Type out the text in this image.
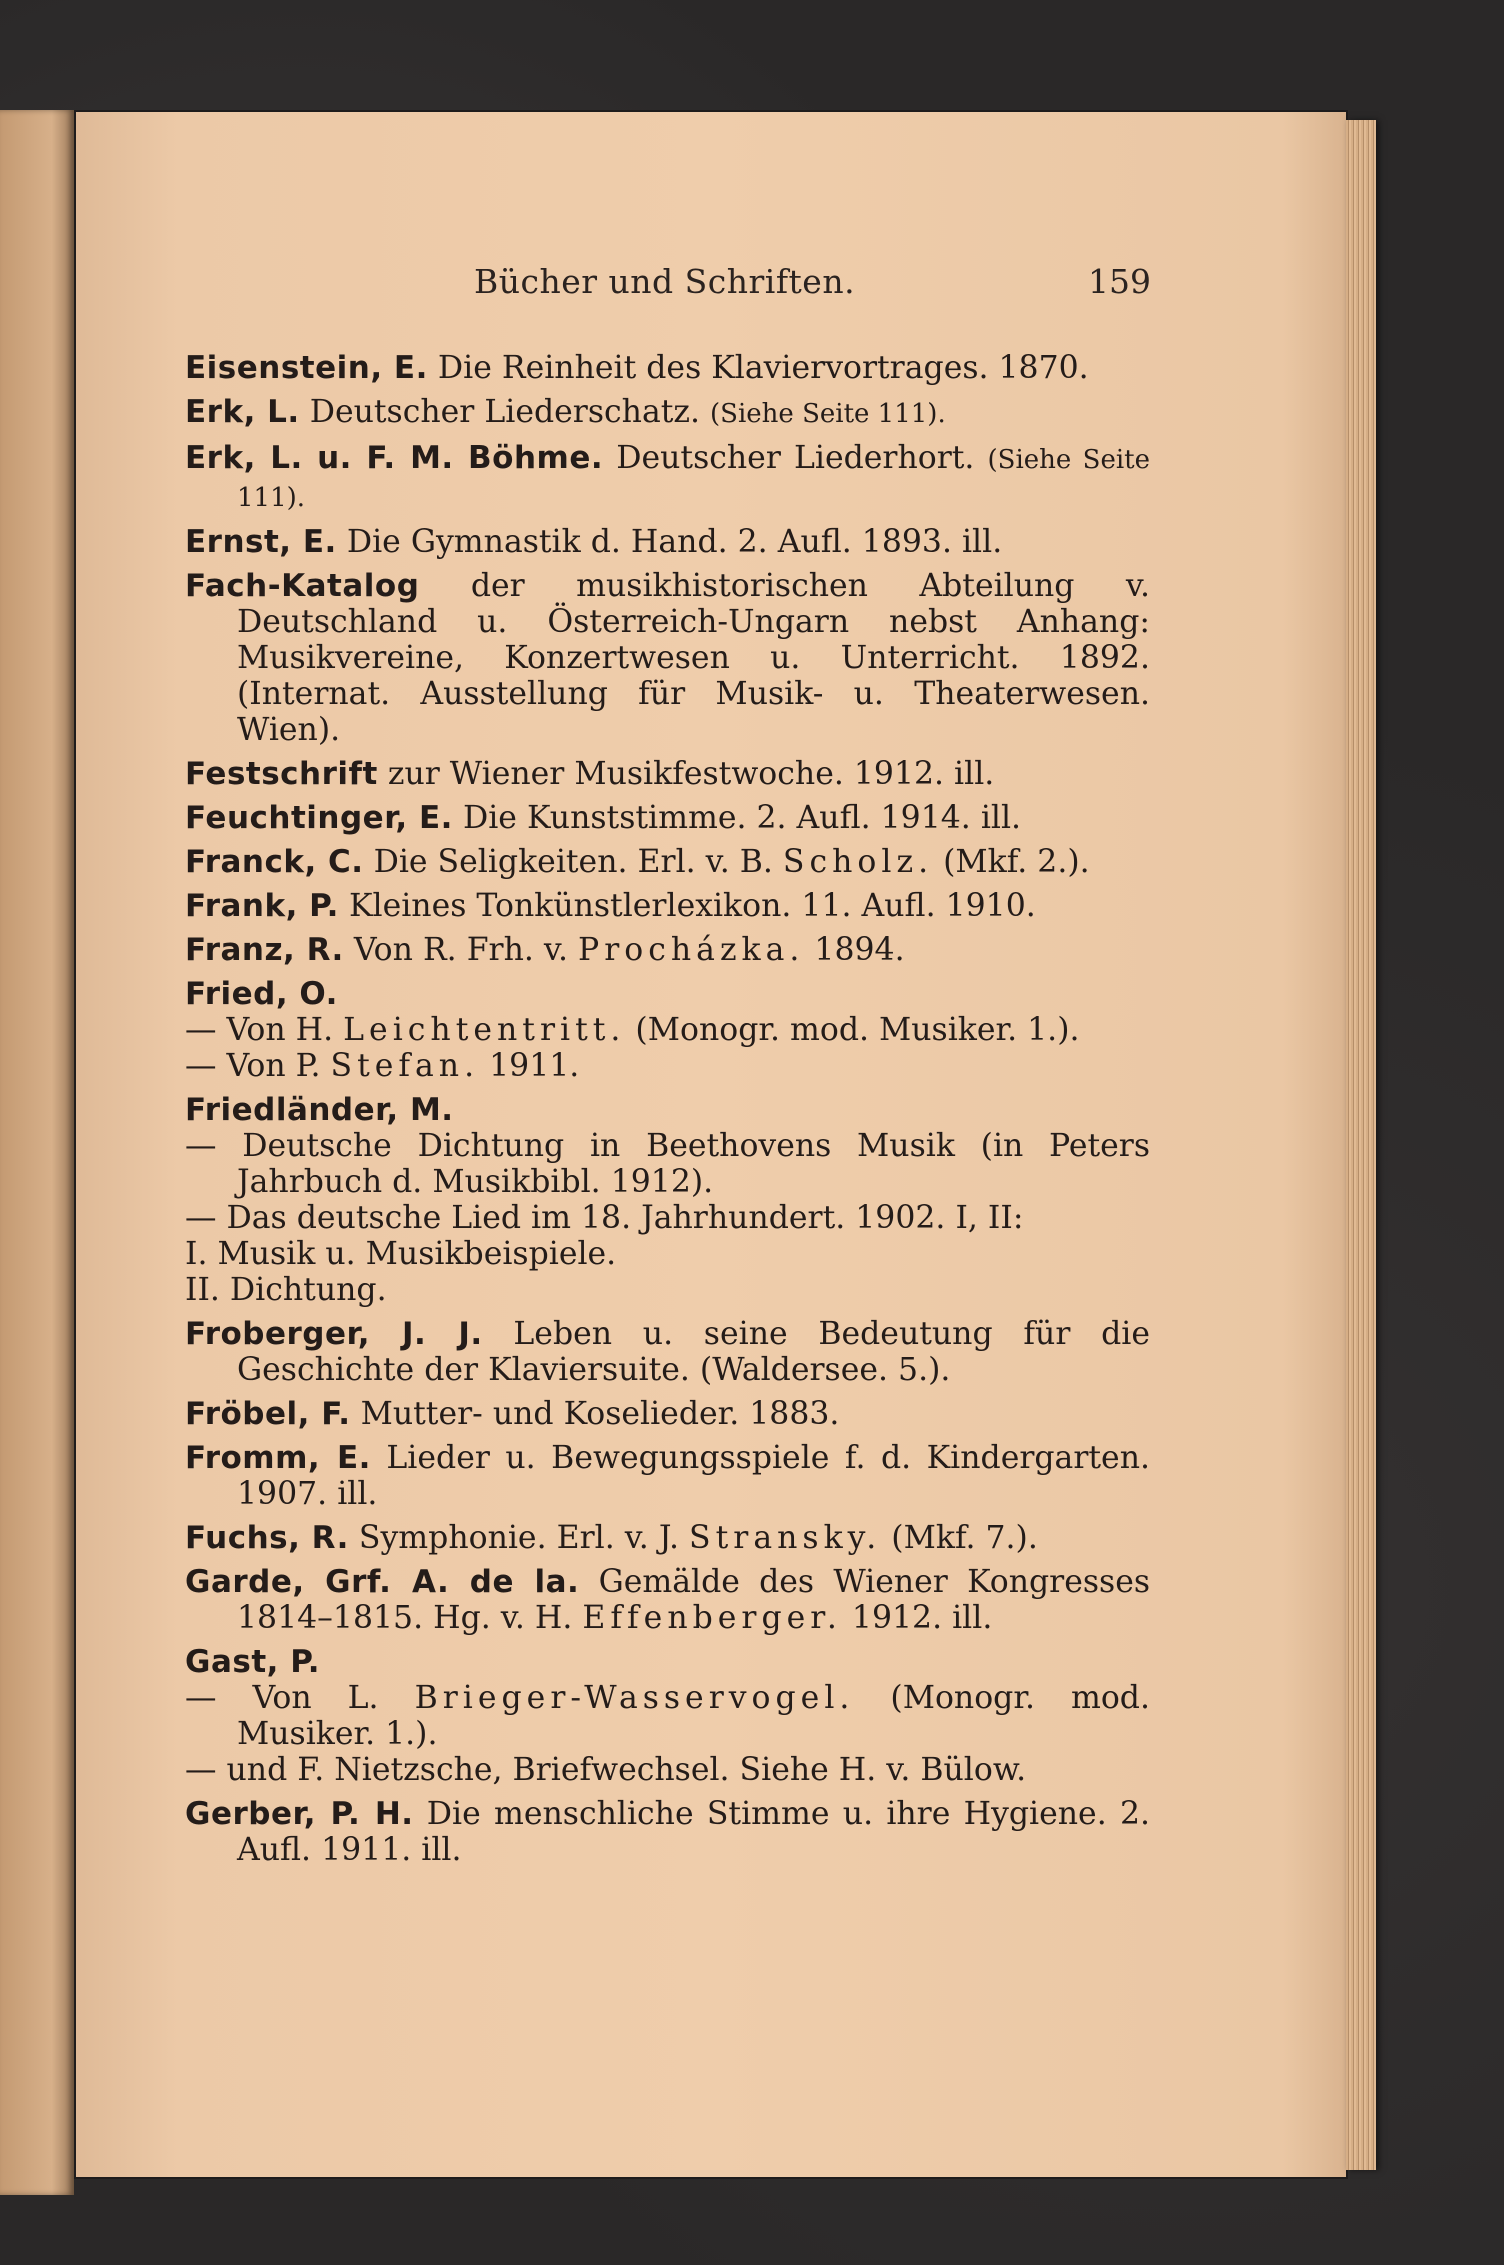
Bücher und Schriften.	159

Eisenstein, E. Die Reinheit des Klaviervortrages. 1870.

Erk, L. Deutscher Liederschatz. (Siehe Seite 111).

Erk, L. u. F. M. Böhme. Deutscher Liederhort. (Siehe Seite 111).

Ernst, E. Die Gymnastik d. Hand. 2. Aufl. 1893. ill.

Fach-Katalog der musikhistorischen Abteilung v. Deutschland u. Österreich-Ungarn nebst Anhang: Musikvereine, Konzertwesen u. Unterricht. 1892. (Internat. Ausstellung für Musik- u. Theaterwesen. Wien).

Festschrift zur Wiener Musikfestwoche. 1912. ill.

Feuchtinger, E. Die Kunststimme. 2. Aufl. 1914. ill.

Franck, C. Die Seligkeiten. Erl. v. B. Scholz. (Mkf. 2.).

Frank, P. Kleines Tonkünstlerlexikon. 11. Aufl. 1910.

Franz, R. Von R. Frh. v. Procházka. 1894.

Fried, O.

— Von H. Leichtentritt. (Monogr. mod. Musiker. 1.).

— Von P. Stefan. 1911.

Friedländer, M.

— Deutsche Dichtung in Beethovens Musik (in Peters Jahrbuch d. Musikbibl. 1912).

— Das deutsche Lied im 18. Jahrhundert. 1902. I, II:
I. Musik u. Musikbeispiele.
II. Dichtung.

Froberger, J. J. Leben u. seine Bedeutung für die Geschichte der Klaviersuite. (Waldersee. 5.).

Fröbel, F. Mutter- und Koselieder. 1883.

Fromm, E. Lieder u. Bewegungsspiele f. d. Kindergarten. 1907. ill.

Fuchs, R. Symphonie. Erl. v. J. Stransky. (Mkf. 7.).

Garde, Grf. A. de la. Gemälde des Wiener Kongresses 1814–1815. Hg. v. H. Effenberger. 1912. ill.

Gast, P.

— Von L. Brieger-Wasservogel. (Monogr. mod. Musiker. 1.).

— und F. Nietzsche, Briefwechsel. Siehe H. v. Bülow.

Gerber, P. H. Die menschliche Stimme u. ihre Hygiene. 2. Aufl. 1911. ill.
